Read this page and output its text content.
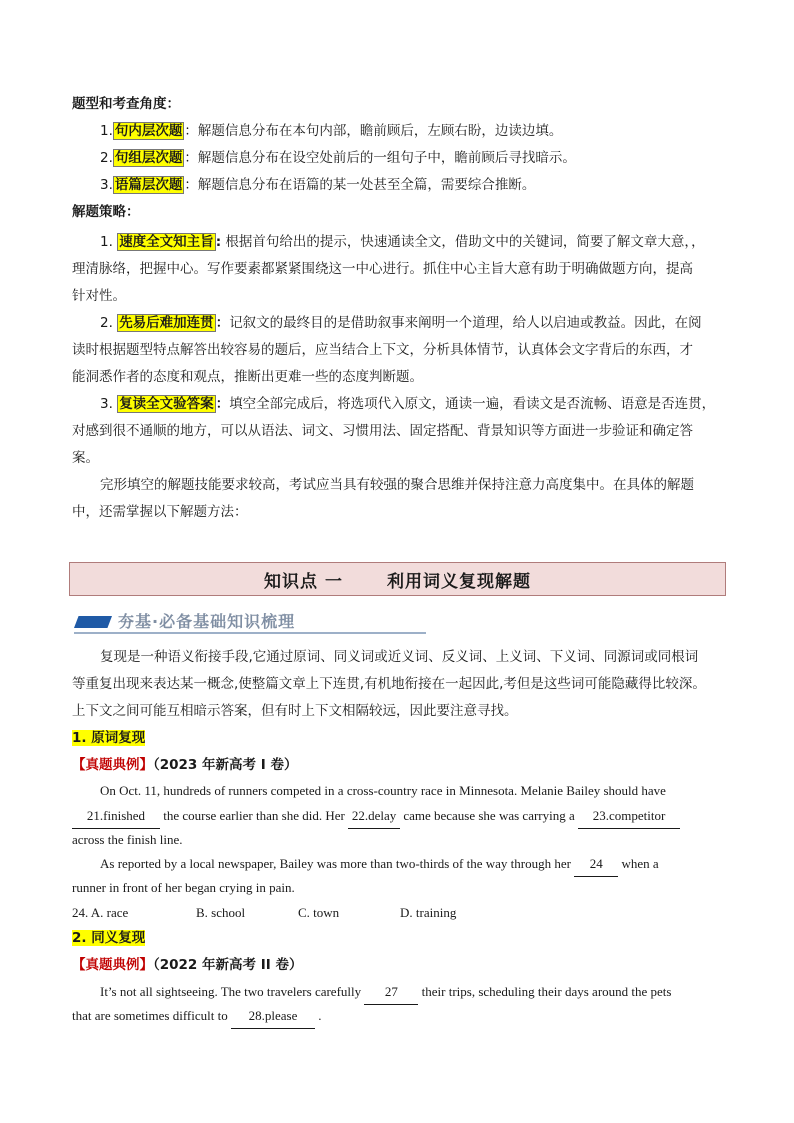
题型和考查角度：
1. 句内层次题 ：解题信息分布在本句内部，瞻前顾后，左顾右盼，边读边填。
2. 句组层次题 ：解题信息分布在设空处前后的一组句子中，瞻前顾后寻找暗示。
3. 语篇层次题 ：解题信息分布在语篇的某一处甚至全篇，需要综合推断。
解题策略：
1. 速度全文知主旨 : 根据首句给出的提示，快速通读全文，借助文中的关键词，简要了解文章大意，，
理清脉络，把握中心。写作要素都紧紧围绕这一中心进行。抓住中心主旨大意有助于明确做题方向，提高
针对性。
2. 先易后难加连贯 ：记叙文的最终目的是借助叙事来阐明一个道理，给人以启迪或教益。因此，在阅
读时根据题型特点解答出较容易的题后，应当结合上下文，分析具体情节，认真体会文字背后的东西，才
能洞悉作者的态度和观点，推断出更难一些的态度判断题。
3. 复读全文验答案 ：填空全部完成后，将选项代入原文，通读一遍，看读文是否流畅、语意是否连贯，
对感到很不通顺的地方，可以从语法、词文、习惯用法、固定搭配、背景知识等方面进一步验证和确定答
案。
完形填空的解题技能要求较高，考试应当具有较强的聚合思维并保持注意力高度集中。在具体的解题
中，还需掌握以下解题方法：
知识点 一	利用词义复现解题
夯基·必备基础知识梳理
复现是一种语义衔接手段,它通过原词、同义词或近义词、反义词、上义词、下义词、同源词或同根词
等重复出现来表达某一概念,使整篇文章上下连贯,有机地衔接在一起因此,考但是这些词可能隐藏得比较深。
上下文之间可能互相暗示答案，但有时上下文相隔较远，因此要注意寻找。
1. 原词复现
【真题典例】（2023 年新高考 I 卷）
On Oct. 11, hundreds of runners competed in a cross-country race in Minnesota. Melanie Bailey should have
21.finished the course earlier than she did. Her 22.delay came because she was carrying a 23.competitor
across the finish line.
As reported by a local newspaper, Bailey was more than two-thirds of the way through her 24 when a
runner in front of her began crying in pain.
24. A. race	B. school	C. town	D. training
2. 同义复现
【真题典例】（2022 年新高考 II 卷）
It’s not all sightseeing. The two travelers carefully 27 their trips, scheduling their days around the pets
that are sometimes difficult to 28.please .
